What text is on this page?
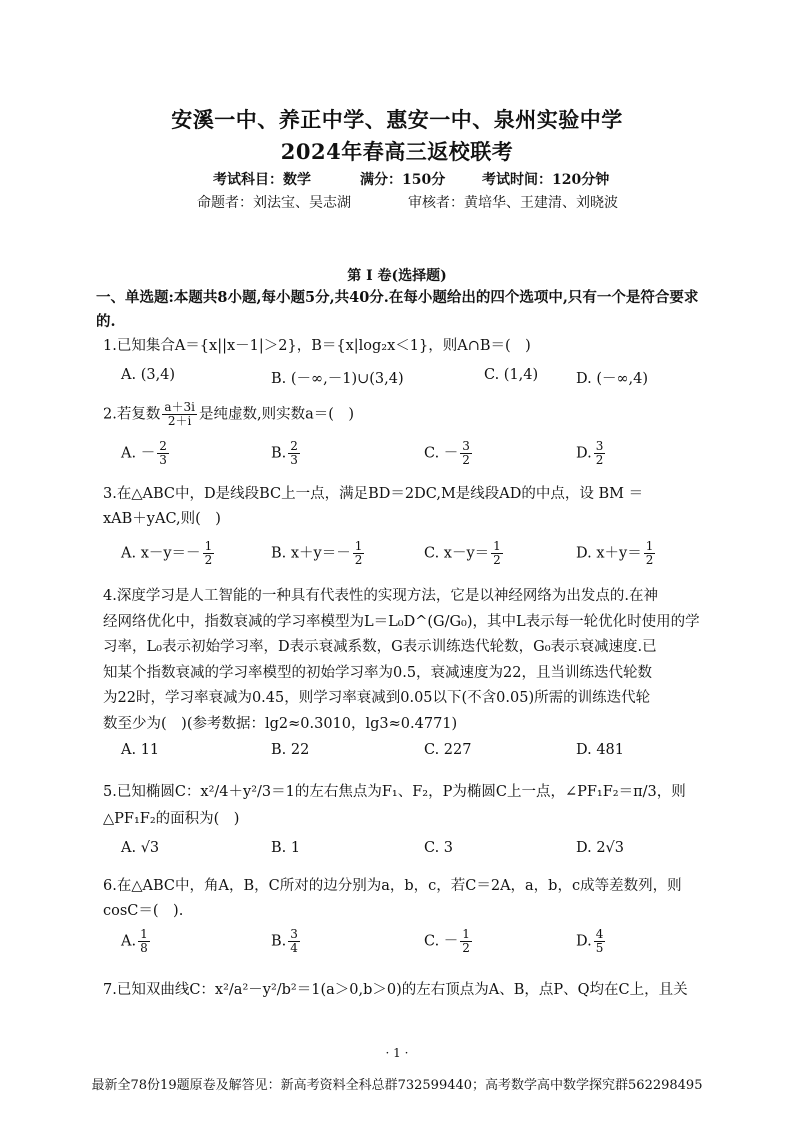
安溪一中、养正中学、惠安一中、泉州实验中学
2024年春高三返校联考
考试科目：数学	满分：150分	考试时间：120分钟
命题者：刘法宝、吴志湖	审核者：黄培华、王建清、刘晓波
第 Ⅰ 卷(选择题)
一、单选题:本题共8小题,每小题5分,共40分.在每小题给出的四个选项中,只有一个是符合要求的.
1.已知集合A＝{x||x－1|＞2}，B＝{x|log₂x＜1}，则A∩B＝(　)
A. (3,4)	B. (－∞,－1)∪(3,4)	C. (1,4)	D. (－∞,4)
2.若复数 $\frac{a+3i}{2+i}$ 是纯虚数,则实数a＝(　)
A. － $\frac{2}{3}$	B. $\frac{2}{3}$	C. － $\frac{3}{2}$	D. $\frac{3}{2}$
3.在△ABC中，D是线段BC上一点，满足BD＝2DC,M是线段AD的中点，设 BM ＝
xAB＋yAC,则(　)
A. $x-y=- \frac{1}{2}$	B. $x+y=- \frac{1}{2}$	C. $x-y= \frac{1}{2}$	D. $x+y= \frac{1}{2}$
4.深度学习是人工智能的一种具有代表性的实现方法，它是以神经网络为出发点的.在神
经网络优化中，指数衰减的学习率模型为L＝L₀D^(G/G₀)，其中L表示每一轮优化时使用的学
习率，L₀表示初始学习率，D表示衰减系数，G表示训练迭代轮数，G₀表示衰减速度.已
知某个指数衰减的学习率模型的初始学习率为0.5，衰减速度为22，且当训练迭代轮数
为22时，学习率衰减为0.45，则学习率衰减到0.05以下(不含0.05)所需的训练迭代轮
数至少为(　)(参考数据：lg2≈0.3010，lg3≈0.4771)
A. 11	B. 22	C. 227	D. 481
5.已知椭圆C：x²/4＋y²/3＝1的左右焦点为F₁、F₂，P为椭圆C上一点，∠PF₁F₂＝π/3，则
△PF₁F₂的面积为(　)
A. √3	B. 1	C. 3	D. 2√3
6.在△ABC中，角A，B，C所对的边分别为a，b，c，若C＝2A，a，b，c成等差数列，则
cosC＝(　).
A. $\frac{1}{8}$	B. $\frac{3}{4}$	C. － $\frac{1}{2}$	D. $\frac{4}{5}$
7.已知双曲线C：x²/a²－y²/b²＝1(a＞0,b＞0)的左右顶点为A、B，点P、Q均在C上，且关
· 1 ·
最新全78份19题原卷及解答见：新高考资料全科总群732599440；高考数学高中数学探究群562298495
